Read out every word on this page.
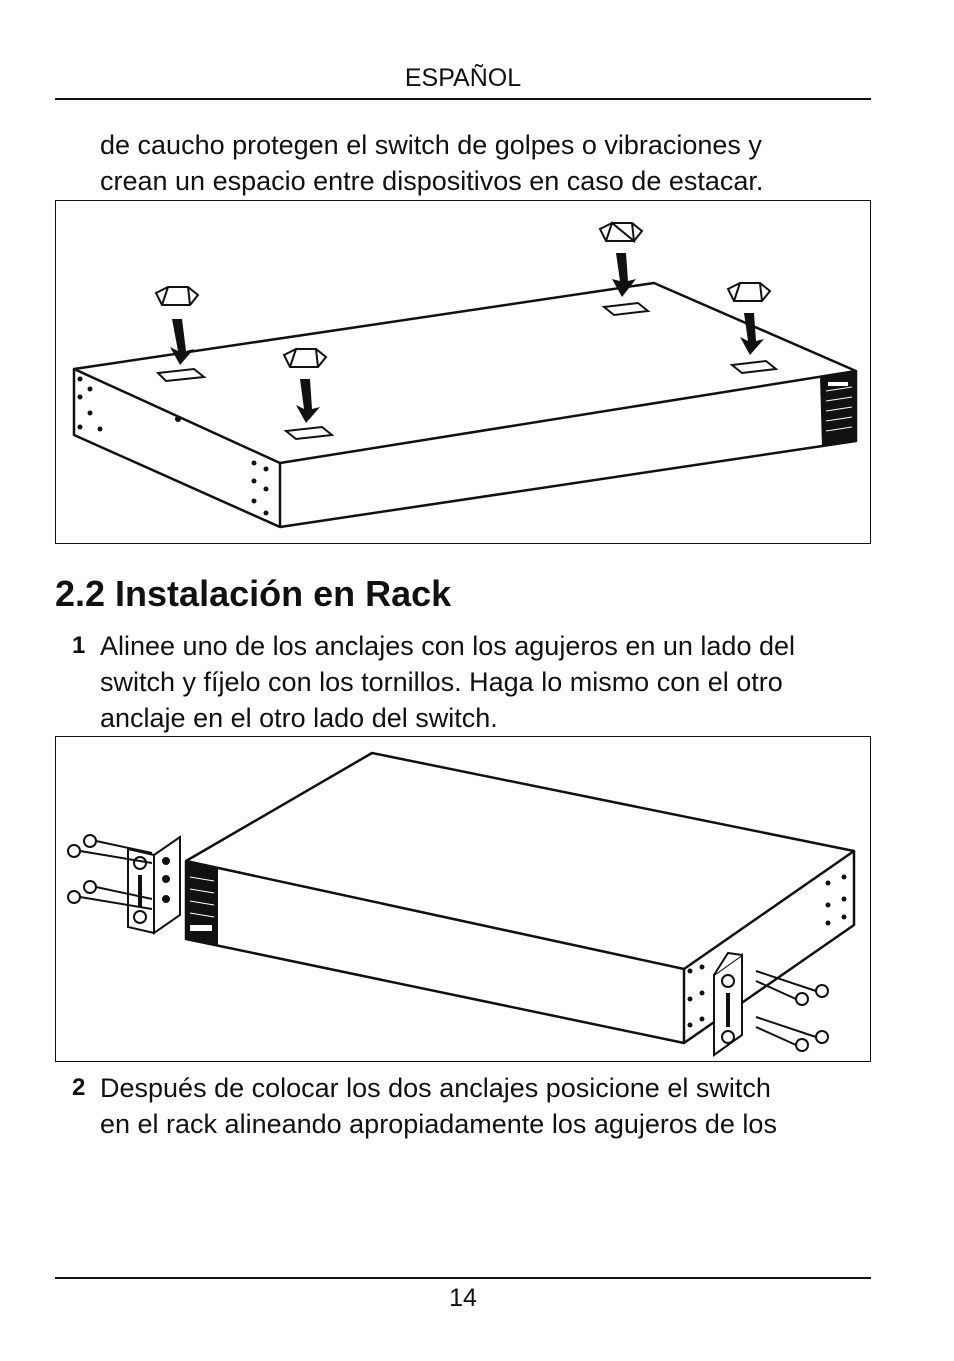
ESPAÑOL

de caucho protegen el switch de golpes o vibraciones y
crean un espacio entre dispositivos en caso de estacar.

2.2 Instalación en Rack
1 Alinee uno de los anclajes con los agujeros en un lado del
switch y fíjelo con los tornillos. Haga lo mismo con el otro
anclaje en el otro lado del switch.

2 Después de colocar los dos anclajes posicione el switch
en el rack alineando apropiadamente los agujeros de los

14
